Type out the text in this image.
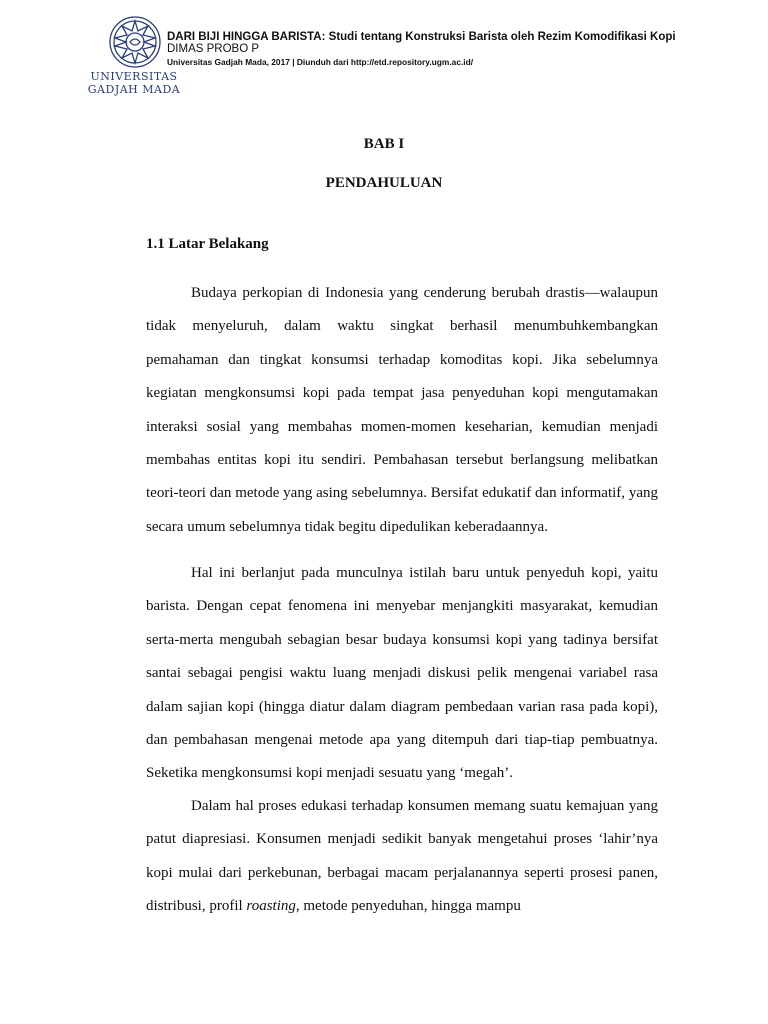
UNIVERSITAS
GADJAH MADA
DARI BIJI HINGGA BARISTA: Studi tentang Konstruksi Barista oleh Rezim Komodifikasi Kopi
DIMAS PROBO P
Universitas Gadjah Mada, 2017 | Diunduh dari http://etd.repository.ugm.ac.id/
BAB I
PENDAHULUAN
1.1 Latar Belakang
Budaya perkopian di Indonesia yang cenderung berubah drastis—walaupun tidak menyeluruh, dalam waktu singkat berhasil menumbuhkembangkan pemahaman dan tingkat konsumsi terhadap komoditas kopi. Jika sebelumnya kegiatan mengkonsumsi kopi pada tempat jasa penyeduhan kopi mengutamakan interaksi sosial yang membahas momen-momen keseharian, kemudian menjadi membahas entitas kopi itu sendiri. Pembahasan tersebut berlangsung melibatkan teori-teori dan metode yang asing sebelumnya. Bersifat edukatif dan informatif, yang secara umum sebelumnya tidak begitu dipedulikan keberadaannya.
Hal ini berlanjut pada munculnya istilah baru untuk penyeduh kopi, yaitu barista. Dengan cepat fenomena ini menyebar menjangkiti masyarakat, kemudian serta-merta mengubah sebagian besar budaya konsumsi kopi yang tadinya bersifat santai sebagai pengisi waktu luang menjadi diskusi pelik mengenai variabel rasa dalam sajian kopi (hingga diatur dalam diagram pembedaan varian rasa pada kopi), dan pembahasan mengenai metode apa yang ditempuh dari tiap-tiap pembuatnya. Seketika mengkonsumsi kopi menjadi sesuatu yang ‘megah’.
Dalam hal proses edukasi terhadap konsumen memang suatu kemajuan yang patut diapresiasi. Konsumen menjadi sedikit banyak mengetahui proses ‘lahir’nya kopi mulai dari perkebunan, berbagai macam perjalanannya seperti prosesi panen, distribusi, profil roasting, metode penyeduhan, hingga mampu
